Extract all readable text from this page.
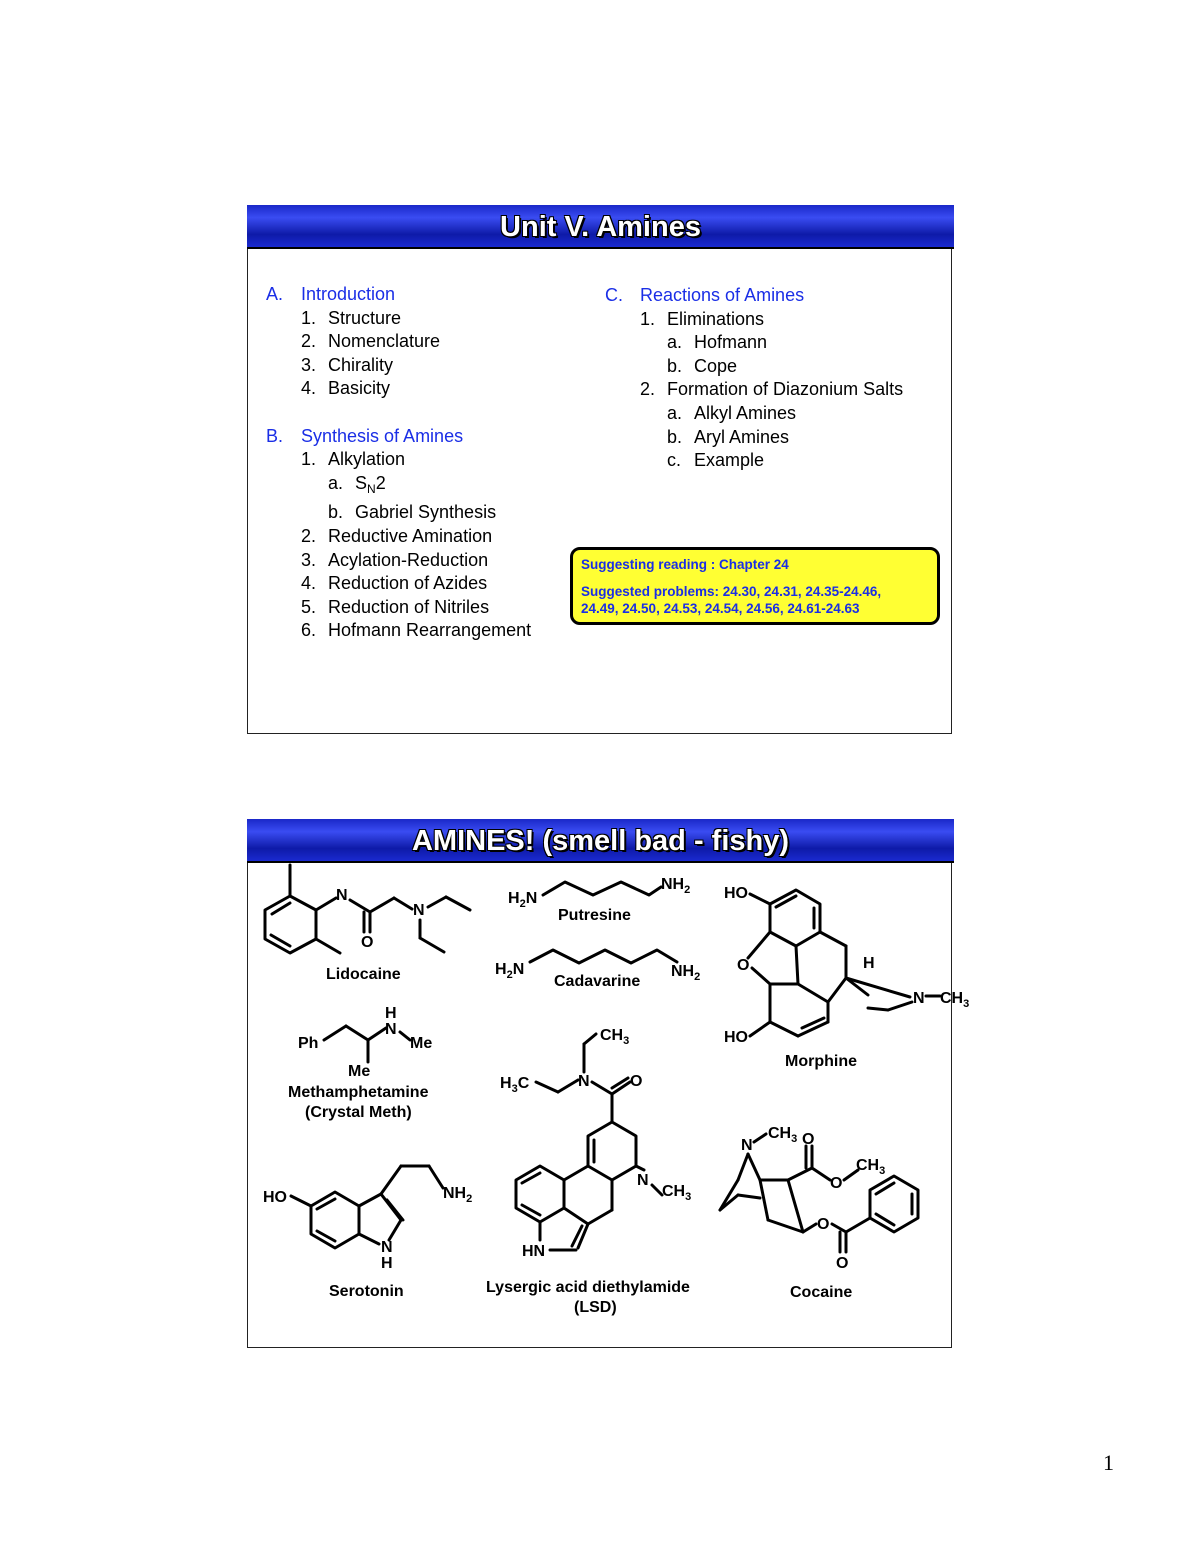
Unit V. Amines
A. Introduction
1. Structure
2. Nomenclature
3. Chirality
4. Basicity
B. Synthesis of Amines
1. Alkylation
a. $S_N2$
b. Gabriel Synthesis
2. Reductive Amination
3. Acylation-Reduction
4. Reduction of Azides
5. Reduction of Nitriles
6. Hofmann Rearrangement
C. Reactions of Amines
1. Eliminations
a. Hofmann
b. Cope
2. Formation of Diazonium Salts
a. Alkyl Amines
b. Aryl Amines
c. Example
Suggesting reading : Chapter 24
Suggested problems: 24.30, 24.31, 24.35-24.46,
24.49, 24.50, 24.53, 24.54, 24.56, 24.61-24.63
AMINES! (smell bad - fishy)
N
O
N
Lidocaine
$H_2N$
$NH_2$
Putresine
$H_2N$	$NH_2$
Cadavarine
HO
O	H
N $CH_3$
HO
Morphine
Ph
Me
H
N
Me
Methamphetamine
(Crystal Meth)
HO
N
H
$NH_2$
Serotonin
$CH_3$
$H_3C$	N	O
N
$CH_3$
HN
Lysergic acid diethylamide
(LSD)
N
$CH_3$ O
O
$CH_3$
O
O
Cocaine
1
